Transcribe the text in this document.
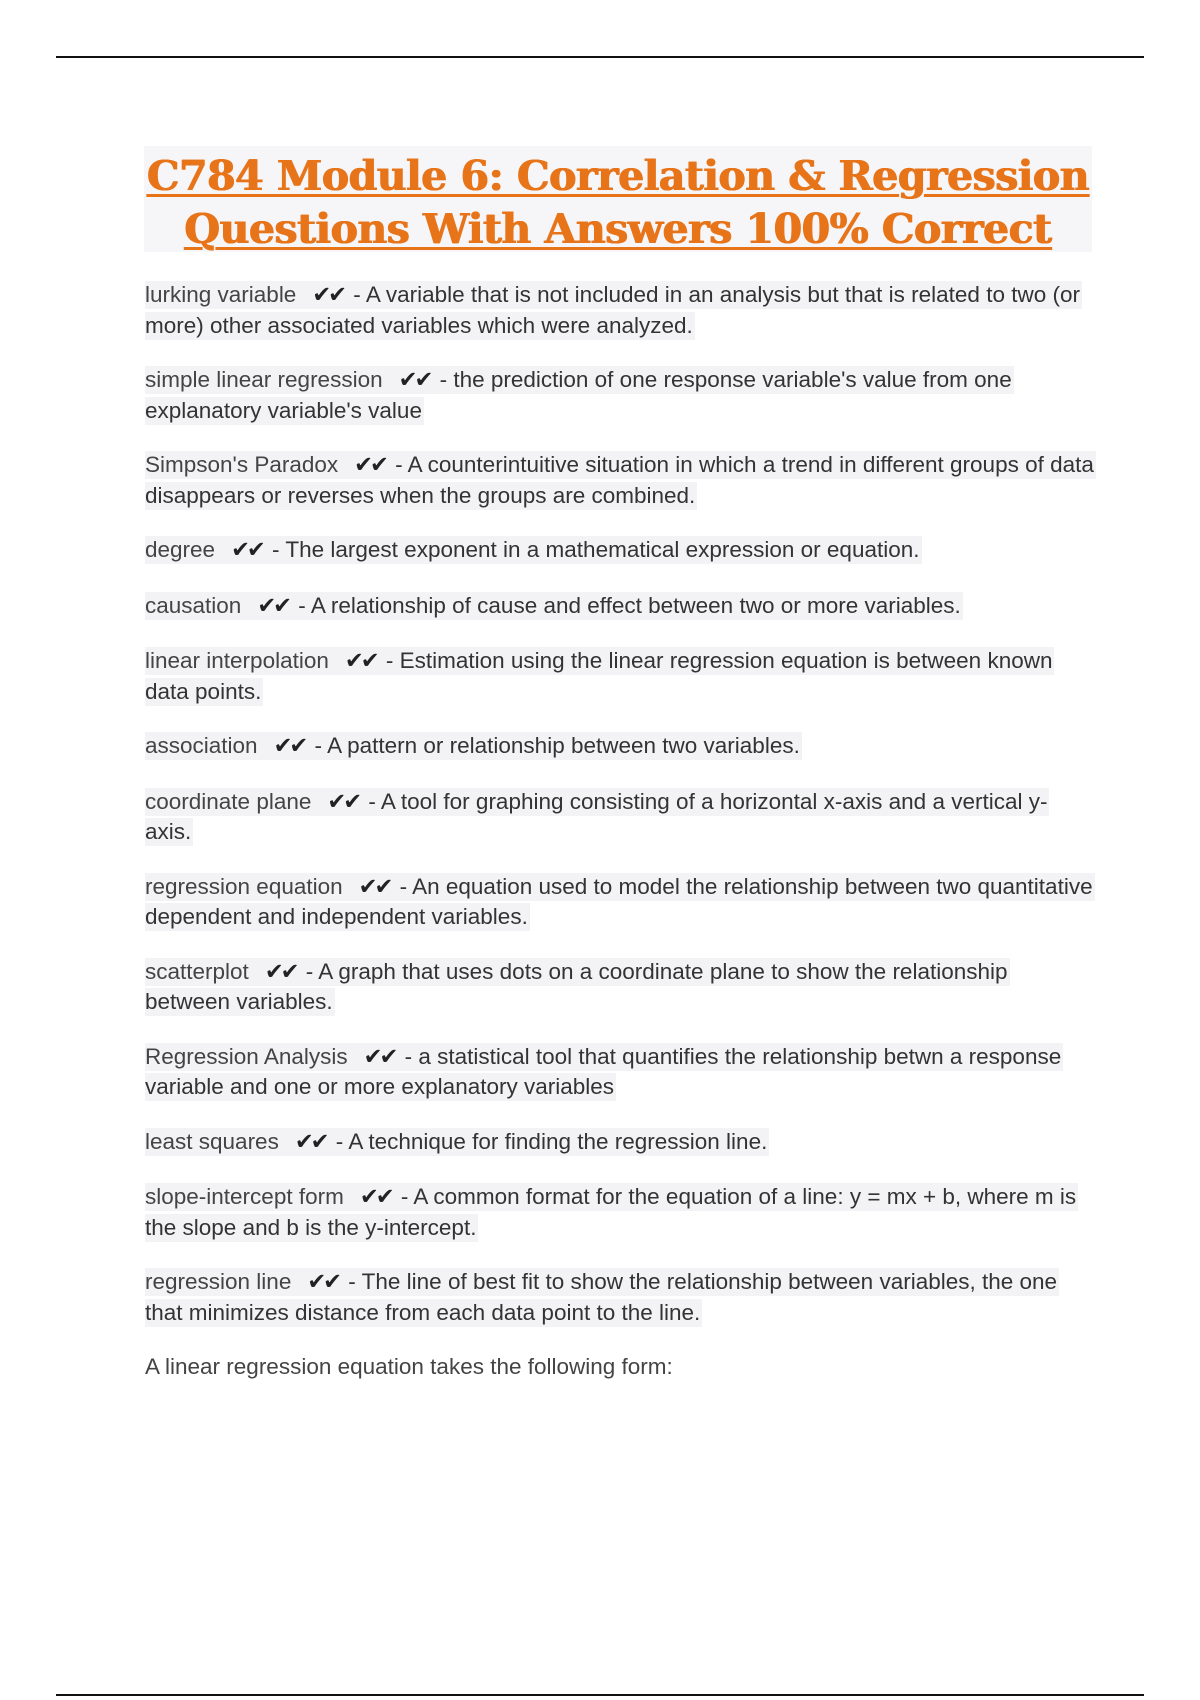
C784 Module 6: Correlation & Regression
Questions With Answers 100% Correct

lurking variable ✔✔ - A variable that is not included in an analysis but that is related to two (or more) other associated variables which were analyzed.

simple linear regression ✔✔ - the prediction of one response variable's value from one explanatory variable's value

Simpson's Paradox ✔✔ - A counterintuitive situation in which a trend in different groups of data disappears or reverses when the groups are combined.

degree ✔✔ - The largest exponent in a mathematical expression or equation.

causation ✔✔ - A relationship of cause and effect between two or more variables.

linear interpolation ✔✔ - Estimation using the linear regression equation is between known data points.

association ✔✔ - A pattern or relationship between two variables.

coordinate plane ✔✔ - A tool for graphing consisting of a horizontal x-axis and a vertical y-axis.

regression equation ✔✔ - An equation used to model the relationship between two quantitative dependent and independent variables.

scatterplot ✔✔ - A graph that uses dots on a coordinate plane to show the relationship between variables.

Regression Analysis ✔✔ - a statistical tool that quantifies the relationship betwn a response variable and one or more explanatory variables

least squares ✔✔ - A technique for finding the regression line.

slope-intercept form ✔✔ - A common format for the equation of a line: y = mx + b, where m is the slope and b is the y-intercept.

regression line ✔✔ - The line of best fit to show the relationship between variables, the one that minimizes distance from each data point to the line.

A linear regression equation takes the following form:
